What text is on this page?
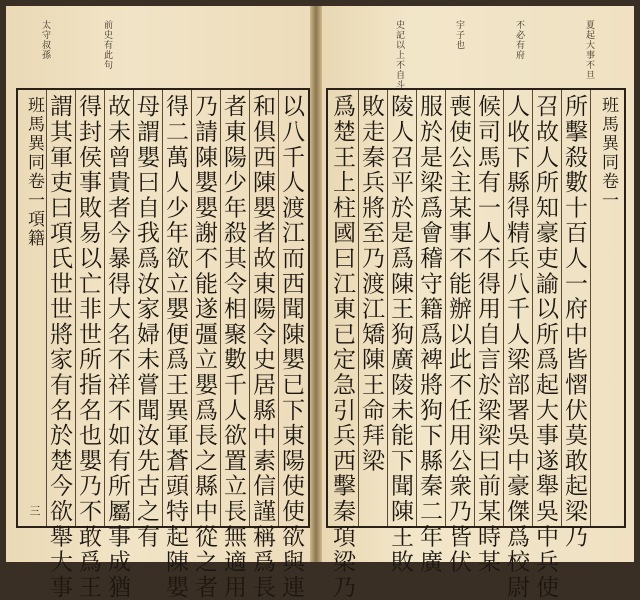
太守叔孫	前史有此句	史記以上不自斗	宇子也	不必有府	夏起大事不旦
班馬異同卷一項籍
三 謂其軍吏曰項氏世世將家有名於楚今欲舉大事 得封侯事敗易以亡非世所指名也嬰乃不敢爲王 故未曾貴者今暴得大名不祥不如有所屬事成猶 母謂嬰曰自我爲汝家婦未嘗聞汝先古之有 得二萬人少年欲立嬰便爲王異軍蒼頭特起陳嬰 乃請陳嬰嬰謝不能遂彊立嬰爲長之縣中從之者 者東陽少年殺其令相聚數千人欲置立長無適用 和俱西陳嬰者故東陽令史居縣中素信謹稱爲長 以八千人渡江而西聞陳嬰已下東陽使使欲與連 爲楚王上柱國曰江東已定急引兵西擊秦項梁乃 敗走秦兵將至乃渡江矯陳王命拜梁 陵人召平於是爲陳王狗廣陵未能下聞陳王敗 服於是梁爲會稽守籍爲裨將狗下縣秦二年廣 喪使公主某事不能辦以此不任用公衆乃皆伏 候司馬有一人不得用自言於梁梁曰前某時某 人收下縣得精兵八千人梁部署吳中豪傑爲校尉 召故人所知豪吏諭以所爲起大事遂舉吳中兵使 所擊殺數十百人一府中皆慴伏莫敢起梁乃 班馬異同卷一
